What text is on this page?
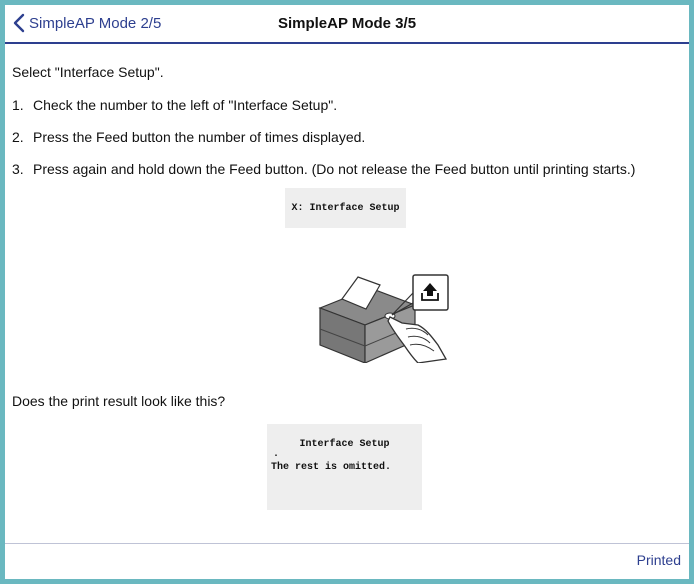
SimpleAP Mode 2/5	SimpleAP Mode 3/5
Select "Interface Setup".
1. Check the number to the left of "Interface Setup".
2. Press the Feed button the number of times displayed.
3. Press again and hold down the Feed button. (Do not release the Feed button until printing starts.)
X: Interface Setup
Does the print result look like this?
Interface Setup
.
The rest is omitted.
Printed
